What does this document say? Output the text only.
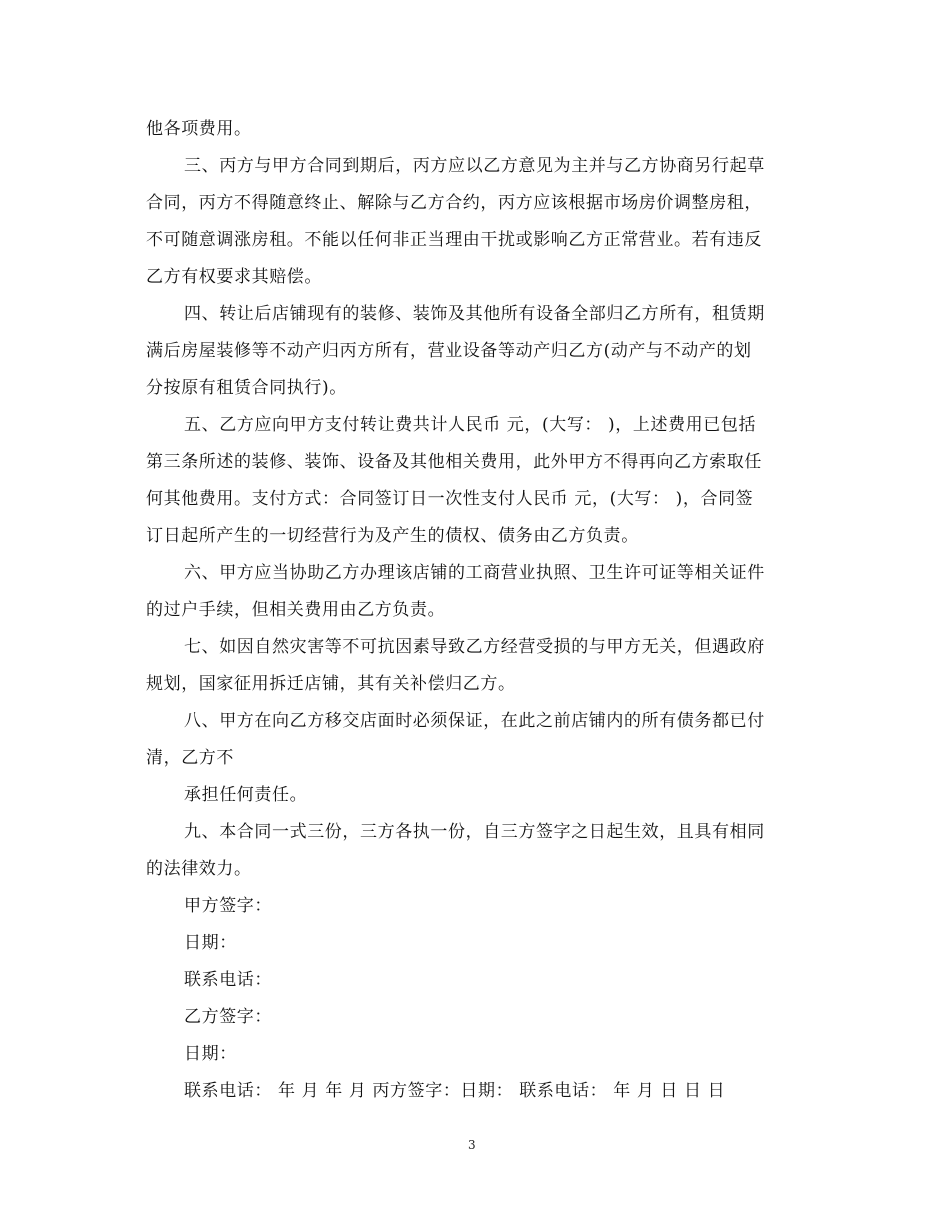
他各项费用。
三、丙方与甲方合同到期后，丙方应以乙方意见为主并与乙方协商另行起草
合同，丙方不得随意终止、解除与乙方合约，丙方应该根据市场房价调整房租，
不可随意调涨房租。不能以任何非正当理由干扰或影响乙方正常营业。若有违反
乙方有权要求其赔偿。
四、转让后店铺现有的装修、装饰及其他所有设备全部归乙方所有，租赁期
满后房屋装修等不动产归丙方所有，营业设备等动产归乙方(动产与不动产的划
分按原有租赁合同执行)。
五、乙方应向甲方支付转让费共计人民币 元，(大写： )，上述费用已包括
第三条所述的装修、装饰、设备及其他相关费用，此外甲方不得再向乙方索取任
何其他费用。支付方式：合同签订日一次性支付人民币 元，(大写： )，合同签
订日起所产生的一切经营行为及产生的债权、债务由乙方负责。
六、甲方应当协助乙方办理该店铺的工商营业执照、卫生许可证等相关证件
的过户手续，但相关费用由乙方负责。
七、如因自然灾害等不可抗因素导致乙方经营受损的与甲方无关，但遇政府
规划，国家征用拆迁店铺，其有关补偿归乙方。
八、甲方在向乙方移交店面时必须保证，在此之前店铺内的所有债务都已付
清，乙方不
承担任何责任。
九、本合同一式三份，三方各执一份，自三方签字之日起生效，且具有相同
的法律效力。
甲方签字：
日期：
联系电话：
乙方签字：
日期：
联系电话： 年 月 年 月 丙方签字：日期： 联系电话： 年 月 日 日 日
3
